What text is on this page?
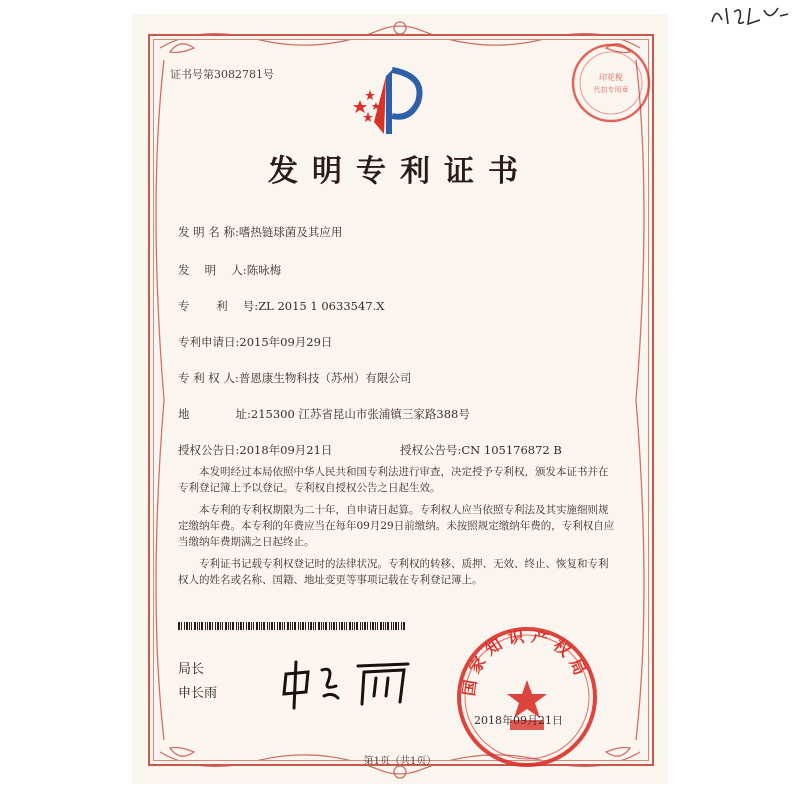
证书号第3082781号	印花税
代扣专用章
发明专利证书
发 明 名 称:嗜热链球菌及其应用
发 　明　 人:陈咏梅
专　　 利　 号:ZL 2015 1 0633547.X
专利申请日:2015年09月29日
专 利 权 人:普恩康生物科技（苏州）有限公司
地　　　　址:215300 江苏省昆山市张浦镇三家路388号
授权公告日:2018年09月21日	授权公告号:CN 105176872 B

本发明经过本局依照中华人民共和国专利法进行审查，决定授予专利权，颁发本证书并在专利登记簿上予以登记。专利权自授权公告之日起生效。

本专利的专利权期限为二十年，自申请日起算。专利权人应当依照专利法及其实施细则规定缴纳年费。本专利的年费应当在每年09月29日前缴纳。未按照规定缴纳年费的，专利权自应当缴纳年费期满之日起终止。

专利证书记载专利权登记时的法律状况。专利权的转移、质押、无效、终止、恢复和专利权人的姓名或名称、国籍、地址变更等事项记载在专利登记簿上。

局长
申长雨	国家知识产权局
2018年09月21日
第1页（共1页）
